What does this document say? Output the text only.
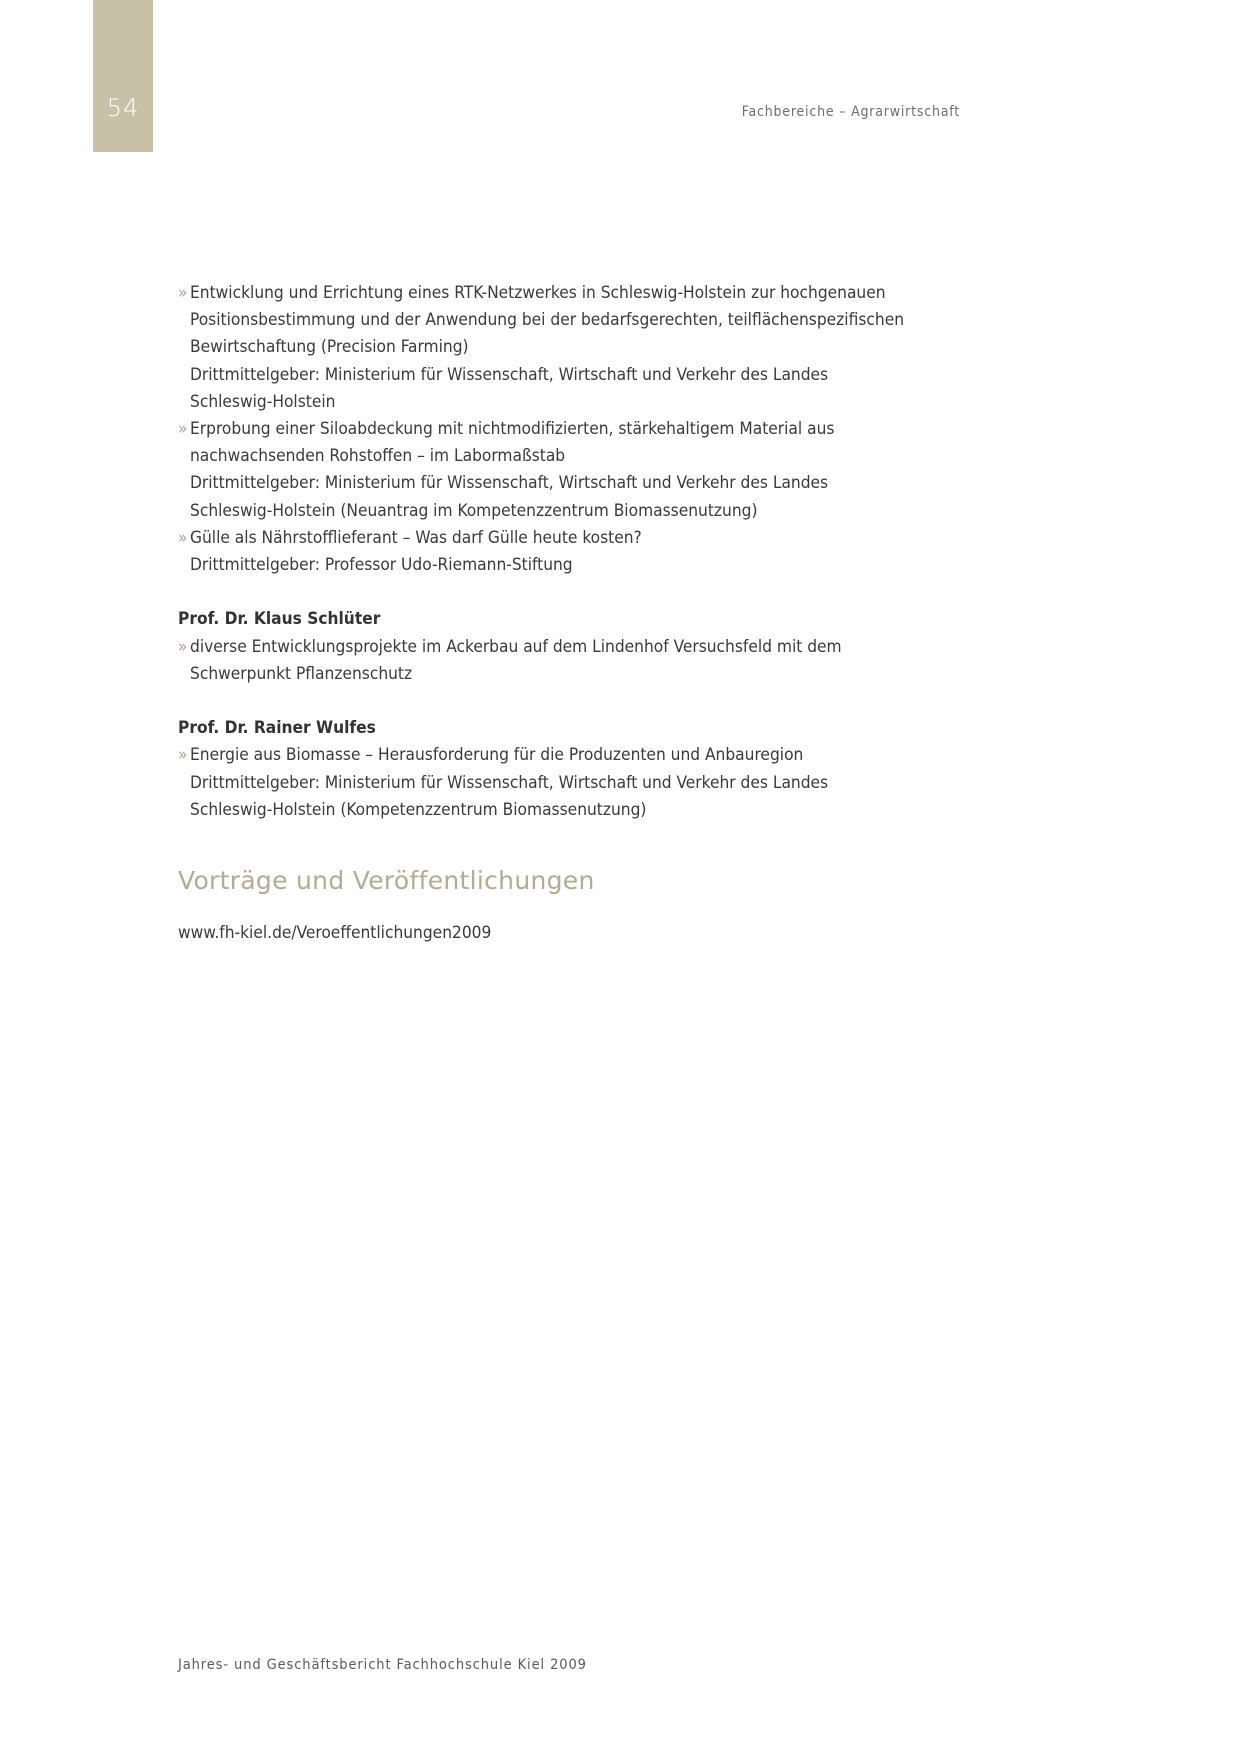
54	Fachbereiche – Agrarwirtschaft
» Entwicklung und Errichtung eines RTK-Netzwerkes in Schleswig-Holstein zur hochgenauen
Positionsbestimmung und der Anwendung bei der bedarfsgerechten, teilflächenspezifischen
Bewirtschaftung (Precision Farming)
Drittmittelgeber: Ministerium für Wissenschaft, Wirtschaft und Verkehr des Landes
Schleswig-Holstein
» Erprobung einer Siloabdeckung mit nichtmodifizierten, stärkehaltigem Material aus
nachwachsenden Rohstoffen – im Labormaßstab
Drittmittelgeber: Ministerium für Wissenschaft, Wirtschaft und Verkehr des Landes
Schleswig-Holstein (Neuantrag im Kompetenzzentrum Biomassenutzung)
» Gülle als Nährstofflieferant – Was darf Gülle heute kosten?
Drittmittelgeber: Professor Udo-Riemann-Stiftung
Prof. Dr. Klaus Schlüter
» diverse Entwicklungsprojekte im Ackerbau auf dem Lindenhof Versuchsfeld mit dem
Schwerpunkt Pflanzenschutz
Prof. Dr. Rainer Wulfes
» Energie aus Biomasse – Herausforderung für die Produzenten und Anbauregion
Drittmittelgeber: Ministerium für Wissenschaft, Wirtschaft und Verkehr des Landes
Schleswig-Holstein (Kompetenzzentrum Biomassenutzung)
Vorträge und Veröffentlichungen
www.fh-kiel.de/Veroeffentlichungen2009
Jahres- und Geschäftsbericht Fachhochschule Kiel 2009
